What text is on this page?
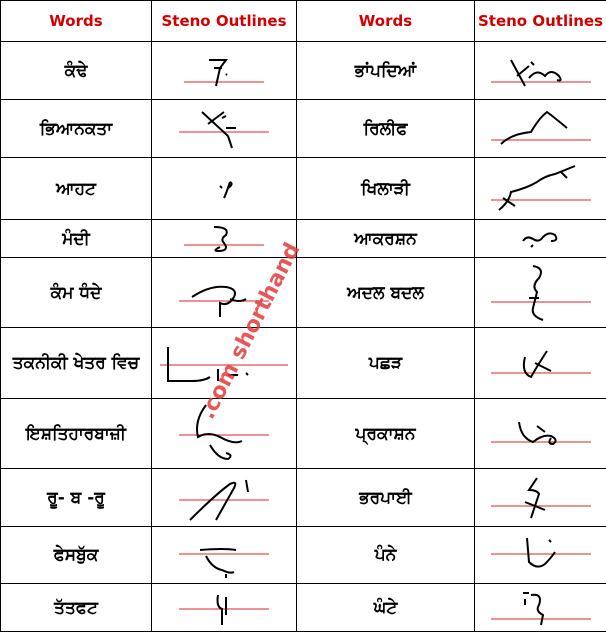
Words	Steno Outlines	Words	Steno Outlines
ਕੰਢੇ		ਭਾਂਪਦਿਆਂ	

ਭਿਆਨਕਤਾ		ਰਿਲੀਫ	

ਆਹਟ		ਖਿਲਾੜੀ	

ਮੰਦੀ		ਆਕਰਸ਼ਨ	

ਕੰਮ ਧੰਦੇ		ਅਦਲ ਬਦਲ	

ਤਕਨੀਕੀ ਖੇਤਰ ਵਿਚ		ਪਛੜ	

ਇਸ਼ਤਿਹਾਰਬਾਜ਼ੀ		ਪ੍ਰਕਾਸ਼ਨ	

ਰੂ- ਬ -ਰੂ		ਭਰਪਾਈ	

ਫੇਸਬੁੱਕ		ਪੰਨੇ	

ਤੱਤਫਟ		ਘੰਟੇ	
.com shorthand
